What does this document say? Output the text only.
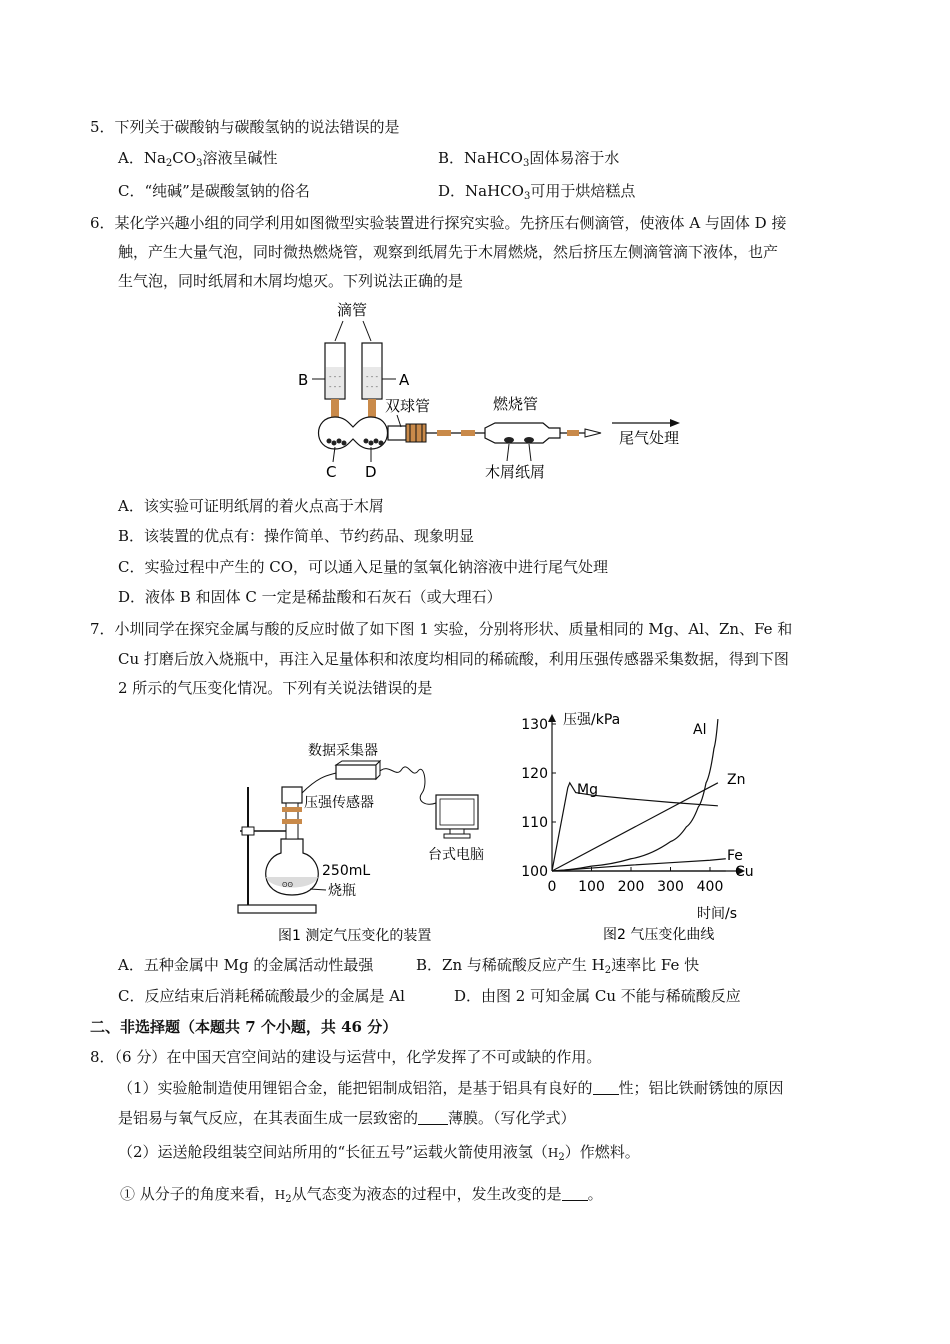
5．下列关于碳酸钠与碳酸氢钠的说法错误的是
A．$Na_2CO_3$溶液呈碱性	B．NaHCO$_3$固体易溶于水
C．“纯碱”是碳酸氢钠的俗名	D．NaHCO$_3$可用于烘焙糕点
6．某化学兴趣小组的同学利用如图微型实验装置进行探究实验。先挤压右侧滴管，使液体 A 与固体 D 接
触，产生大量气泡，同时微热燃烧管，观察到纸屑先于木屑燃烧，然后挤压左侧滴管滴下液体，也产
生气泡，同时纸屑和木屑均熄灭。下列说法正确的是
滴管
- - -
- - -
- - -
- - -
B	A
双球管	燃烧管
尾气处理
C D	木屑纸屑
A．该实验可证明纸屑的着火点高于木屑
B．该装置的优点有：操作简单、节约药品、现象明显
C．实验过程中产生的 CO，可以通入足量的氢氧化钠溶液中进行尾气处理
D．液体 B 和固体 C 一定是稀盐酸和石灰石（或大理石）
7．小圳同学在探究金属与酸的反应时做了如下图 1 实验，分别将形状、质量相同的 Mg、Al、Zn、Fe 和
Cu 打磨后放入烧瓶中，再注入足量体积和浓度均相同的稀硫酸，利用压强传感器采集数据，得到下图
2 所示的气压变化情况。下列有关说法错误的是
ʘʘ
压强传感器
数据采集器
台式电脑
250mL
烧瓶
图1 测定气压变化的装置
压强/kPa
时间/s
图2 气压变化曲线
100
110
120
130
0 100 200 300 400
Al
Mg
Zn
Fe
Cu
A．五种金属中 Mg 的金属活动性最强	B．Zn 与稀硫酸反应产生 $H_2$速率比 Fe 快
C．反应结束后消耗稀硫酸最少的金属是 Al	D．由图 2 可知金属 Cu 不能与稀硫酸反应
二、非选择题（本题共 7 个小题，共 46 分）
8．（6 分）在中国天宫空间站的建设与运营中，化学发挥了不可或缺的作用。
（1）实验舱制造使用锂铝合金，能把铝制成铝箔，是基于铝具有良好的 性；铝比铁耐锈蚀的原因
是铝易与氧气反应，在其表面生成一层致密的 薄膜。（写化学式）
（2）运送舱段组装空间站所用的“长征五号”运载火箭使用液氢$(H_2)$作燃料。
① 从分子的角度来看，$H_2$从气态变为液态的过程中，发生改变的是 。
